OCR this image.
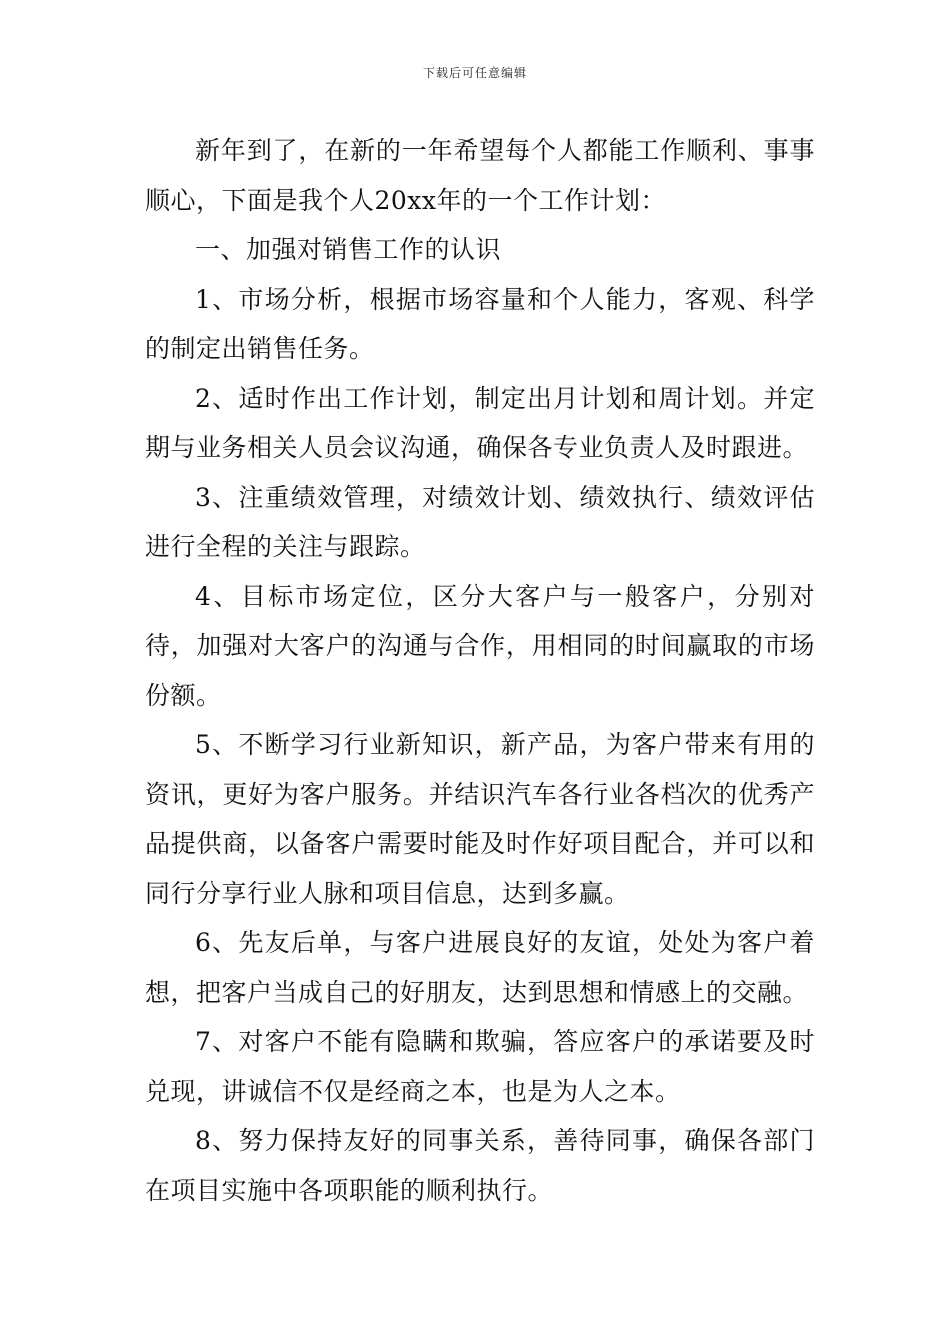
下载后可任意编辑

新年到了，在新的一年希望每个人都能工作顺利、事事顺心，下面是我个人20xx年的一个工作计划：

一、加强对销售工作的认识

1、市场分析，根据市场容量和个人能力，客观、科学的制定出销售任务。

2、适时作出工作计划，制定出月计划和周计划。并定期与业务相关人员会议沟通，确保各专业负责人及时跟进。

3、注重绩效管理，对绩效计划、绩效执行、绩效评估进行全程的关注与跟踪。

4、目标市场定位，区分大客户与一般客户，分别对待，加强对大客户的沟通与合作，用相同的时间赢取的市场份额。

5、不断学习行业新知识，新产品，为客户带来有用的资讯，更好为客户服务。并结识汽车各行业各档次的优秀产品提供商，以备客户需要时能及时作好项目配合，并可以和同行分享行业人脉和项目信息，达到多赢。

6、先友后单，与客户进展良好的友谊，处处为客户着想，把客户当成自己的好朋友，达到思想和情感上的交融。

7、对客户不能有隐瞒和欺骗，答应客户的承诺要及时兑现，讲诚信不仅是经商之本，也是为人之本。

8、努力保持友好的同事关系，善待同事，确保各部门在项目实施中各项职能的顺利执行。
